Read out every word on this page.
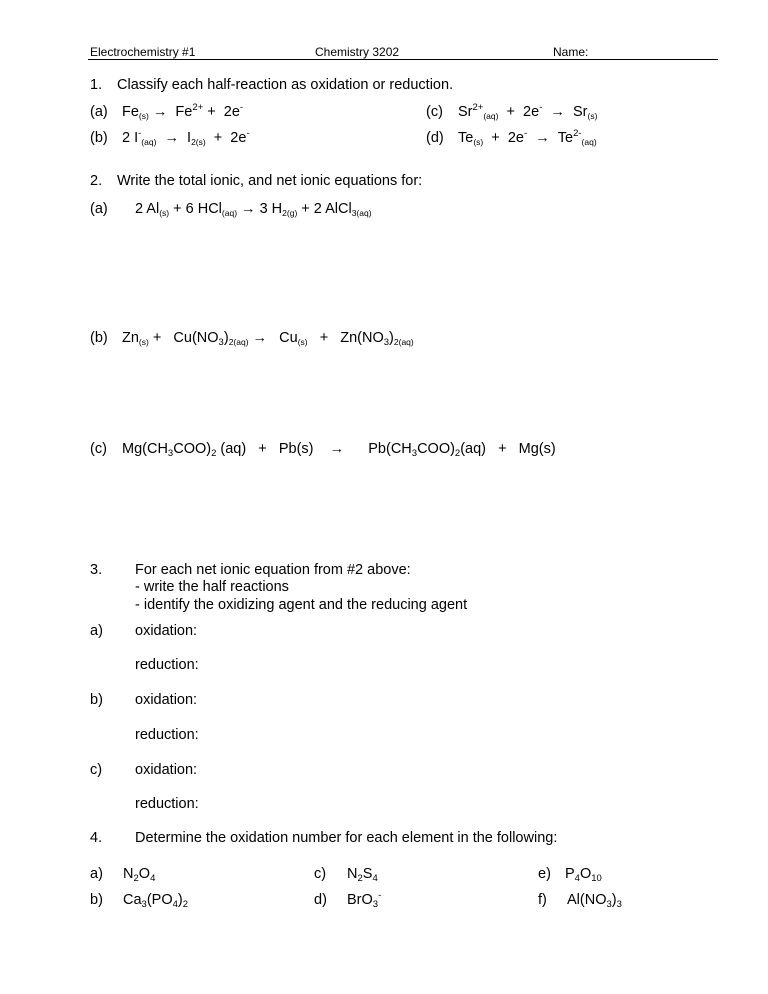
Electrochemistry #1	Chemistry 3202	Name:
1. Classify each half-reaction as oxidation or reduction.
(a) $Fe_{(s)} \to Fe^{2+} + 2e^-$
(b) 2 $I^-_{(aq)} \to I_{2(s)} + 2e^-$
(c) $Sr^{2+}_{(aq)} + 2e^- \to Sr_{(s)}$
(d) $Te_{(s)} + 2e^- \to Te^{2-}_{(aq)}$
2. Write the total ionic, and net ionic equations for:
(a) 2 $Al_{(s)} + 6$ HCl$_{(aq)}$ → 3 $H_{2(g)} + 2$ AlCl$_{3(aq)}$
(b) $Zn_{(s)} + Cu(NO_3)_{2(aq)} \to Cu_{(s)} + Zn(NO_3)_{2(aq)}$
(c) $Mg(CH_3COO)_2$ (aq)   +   Pb(s)    →      $Pb(CH_3COO)_2(aq) + Mg(s)$
3. For each net ionic equation from #2 above:
- write the half reactions
- identify the oxidizing agent and the reducing agent
a) oxidation:
reduction:
b) oxidation:
reduction:
c) oxidation:
reduction:
4. Determine the oxidation number for each element in the following:
a) $N_2O_4$
b) $Ca_3(PO_4)_2$
c) $N_2S_4$
d) BrO$_3$-
e) $P_4O_{10}$
f) $Al(NO_3)_3$
